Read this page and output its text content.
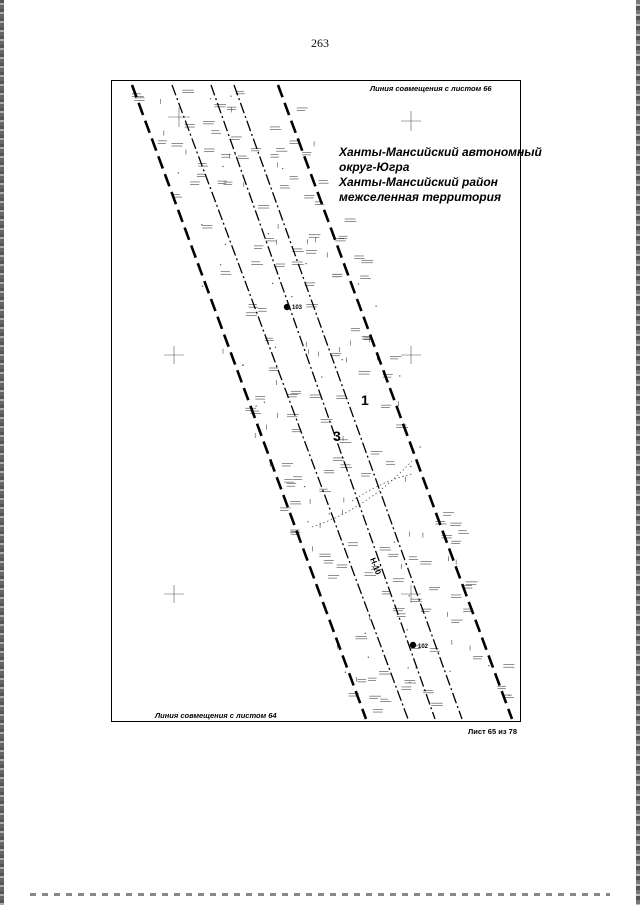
263
103
102
1
3
H-10
Линия совмещения с листом 66
Линия совмещения с листом 64
Ханты-Мансийский автономный
округ-Югра
Ханты-Мансийский район
межселенная территория
Лист 65 из 78
